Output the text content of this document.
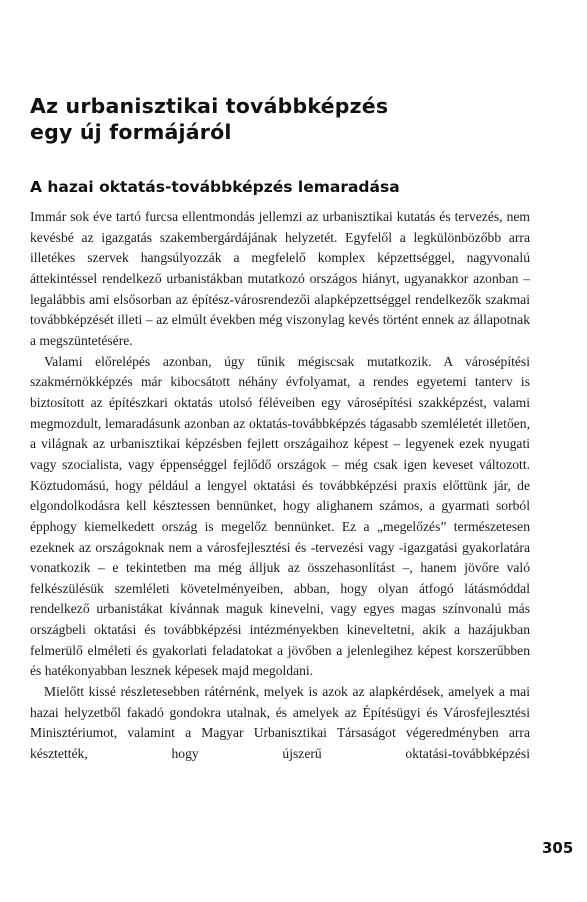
Az urbanisztikai továbbképzés
egy új formájáról
A hazai oktatás-továbbképzés lemaradása

Immár sok éve tartó furcsa ellentmondás jellemzi az urbanisztikai kutatás és tervezés, nem kevésbé az igazgatás szakembergárdájának helyzetét. Egyfelől a legkülönbözőbb arra illetékes szervek hangsúlyozzák a megfelelő komplex képzettséggel, nagyvonalú áttekintéssel rendelkező urbanistákban mutatkozó országos hiányt, ugyanakkor azonban – legalábbis ami elsősorban az építész-városrendezői alapképzettséggel rendelkezők szakmai továbbképzését illeti – az elmúlt években még viszonylag kevés történt ennek az állapotnak a megszüntetésére.

Valami előrelépés azonban, úgy tűnik mégiscsak mutatkozik. A városépítési szakmérnökképzés már kibocsátott néhány évfolyamat, a rendes egyetemi tanterv is biztosított az építészkari oktatás utolsó féléveiben egy városépítési szakképzést, valami megmozdult, lemaradásunk azonban az oktatás-továbbképzés tágasabb szemléletét illetően, a világnak az urbanisztikai képzésben fejlett országaihoz képest – legyenek ezek nyugati vagy szocialista, vagy éppenséggel fejlődő országok – még csak igen keveset változott. Köztudomású, hogy például a lengyel oktatási és továbbképzési praxis előttünk jár, de elgondolkodásra kell késztessen bennünket, hogy alighanem számos, a gyarmati sorból épphogy kiemelkedett ország is megelőz bennünket. Ez a „megelőzés” természetesen ezeknek az országoknak nem a városfejlesztési és -tervezési vagy -igazgatási gyakorlatára vonatkozik – e tekintetben ma még álljuk az összehasonlítást –, hanem jövőre való felkészülésük szemléleti követelményeiben, abban, hogy olyan átfogó látásmóddal rendelkező urbanistákat kívánnak maguk kinevelni, vagy egyes magas színvonalú más országbeli oktatási és továbbképzési intézményekben kineveltetni, akik a hazájukban felmerülő elméleti és gyakorlati feladatokat a jövőben a jelenlegihez képest korszerűbben és hatékonyabban lesznek képesek majd megoldani.

Mielőtt kissé részletesebben rátérnénk, melyek is azok az alapkérdések, amelyek a mai hazai helyzetből fakadó gondokra utalnak, és amelyek az Építésügyi és Városfejlesztési Minisztériumot, valamint a Magyar Urbanisztikai Társaságot végeredményben arra késztették, hogy újszerű oktatási-továbbképzési

305
